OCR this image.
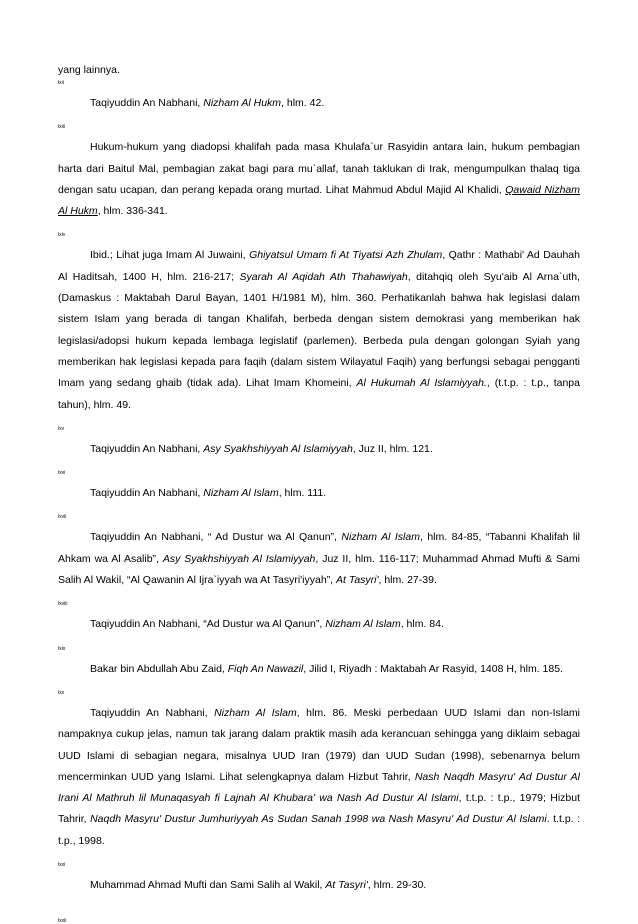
yang lainnya.

lxii

Taqiyuddin An Nabhani, Nizham Al Hukm, hlm. 42.

lxiii

Hukum-hukum yang diadopsi khalifah pada masa Khulafa`ur Rasyidin antara lain, hukum pembagian harta dari Baitul Mal, pembagian zakat bagi para mu`allaf, tanah taklukan di Irak, mengumpulkan thalaq tiga dengan satu ucapan, dan perang kepada orang murtad. Lihat Mahmud Abdul Majid Al Khalidi, Qawaid Nizham Al Hukm, hlm. 336-341.

lxiv

Ibid.; Lihat juga Imam Al Juwaini, Ghiyatsul Umam fi At Tiyatsi Azh Zhulam, Qathr : Mathabi' Ad Dauhah Al Haditsah, 1400 H, hlm. 216-217; Syarah Al Aqidah Ath Thahawiyah, ditahqiq oleh Syu'aib Al Arna`uth, (Damaskus : Maktabah Darul Bayan, 1401 H/1981 M), hlm. 360. Perhatikanlah bahwa hak legislasi dalam sistem Islam yang berada di tangan Khalifah, berbeda dengan sistem demokrasi yang memberikan hak legislasi/adopsi hukum kepada lembaga legislatif (parlemen). Berbeda pula dengan golongan Syiah yang memberikan hak legislasi kepada para faqih (dalam sistem Wilayatul Faqih) yang berfungsi sebagai pengganti Imam yang sedang ghaib (tidak ada). Lihat Imam Khomeini, Al Hukumah Al Islamiyyah., (t.t.p. : t.p., tanpa tahun), hlm. 49.

lxv

Taqiyuddin An Nabhani, Asy Syakhshiyyah Al Islamiyyah, Juz II, hlm. 121.

lxvi

Taqiyuddin An Nabhani, Nizham Al Islam, hlm. 111.

lxvii

Taqiyuddin An Nabhani, “ Ad Dustur wa Al Qanun”, Nizham Al Islam, hlm. 84-85, “Tabanni Khalifah lil Ahkam wa Al Asalib”, Asy Syakhshiyyah Al Islamiyyah, Juz II, hlm. 116-117; Muhammad Ahmad Mufti & Sami Salih Al Wakil, “Al Qawanin Al Ijra`iyyah wa At Tasyri'iyyah”, At Tasyri', hlm. 27-39.

lxviii

Taqiyuddin An Nabhani, “Ad Dustur wa Al Qanun”, Nizham Al Islam, hlm. 84.

lxix

Bakar bin Abdullah Abu Zaid, Fiqh An Nawazil, Jilid I, Riyadh : Maktabah Ar Rasyid, 1408 H, hlm. 185.

lxx

Taqiyuddin An Nabhani, Nizham Al Islam, hlm. 86. Meski perbedaan UUD Islami dan non-Islami nampaknya cukup jelas, namun tak jarang dalam praktik masih ada kerancuan sehingga yang diklaim sebagai UUD Islami di sebagian negara, misalnya UUD Iran (1979) dan UUD Sudan (1998), sebenarnya belum mencerminkan UUD yang Islami. Lihat selengkapnya dalam Hizbut Tahrir, Nash Naqdh Masyru' Ad Dustur Al Irani Al Mathruh lil Munaqasyah fi Lajnah Al Khubara' wa Nash Ad Dustur Al Islami, t.t.p. : t.p., 1979; Hizbut Tahrir, Naqdh Masyru' Dustur Jumhuriyyah As Sudan Sanah 1998 wa Nash Masyru' Ad Dustur Al Islami. t.t.p. : t.p., 1998.

lxxi

Muhammad Ahmad Mufti dan Sami Salih al Wakil, At Tasyri', hlm. 29-30.

lxxii
